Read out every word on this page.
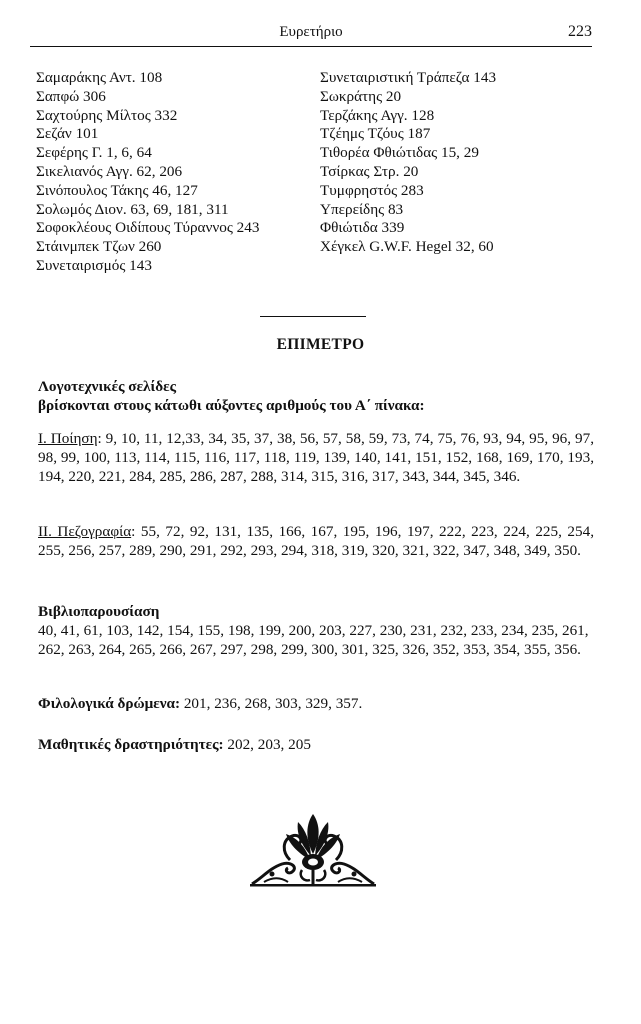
Ευρετήριο	223
Σαμαράκης Αντ. 108
Σαπφώ 306
Σαχτούρης Μίλτος 332
Σεζάν 101
Σεφέρης Γ. 1, 6, 64
Σικελιανός Αγγ. 62, 206
Σινόπουλος Τάκης 46, 127
Σολωμός Διον. 63, 69, 181, 311
Σοφοκλέους Οιδίπους Τύραννος 243
Στάινμπεκ Τζων 260
Συνεταιρισμός 143
Συνεταιριστική Τράπεζα 143
Σωκράτης 20
Τερζάκης Αγγ. 128
Τζέημς Τζόυς 187
Τιθορέα Φθιώτιδας 15, 29
Τσίρκας Στρ. 20
Τυμφρηστός 283
Υπερείδης 83
Φθιώτιδα 339
Χέγκελ G.W.F. Hegel 32, 60
ΕΠΙΜΕΤΡΟ
Λογοτεχνικές σελίδες
βρίσκονται στους κάτωθι αύξοντες αριθμούς του Α΄ πίνακα:
Ι. Ποίηση: 9, 10, 11, 12,33, 34, 35, 37, 38, 56, 57, 58, 59, 73, 74, 75, 76, 93, 94, 95, 96, 97, 98, 99, 100, 113, 114, 115, 116, 117, 118, 119, 139, 140, 141, 151, 152, 168, 169, 170, 193, 194, 220, 221, 284, 285, 286, 287, 288, 314, 315, 316, 317, 343, 344, 345, 346.
ΙΙ. Πεζογραφία: 55, 72, 92, 131, 135, 166, 167, 195, 196, 197, 222, 223, 224, 225, 254, 255, 256, 257, 289, 290, 291, 292, 293, 294, 318, 319, 320, 321, 322, 347, 348, 349, 350.
Βιβλιοπαρουσίαση
40, 41, 61, 103, 142, 154, 155, 198, 199, 200, 203, 227, 230, 231, 232, 233, 234, 235, 261, 262, 263, 264, 265, 266, 267, 297, 298, 299, 300, 301, 325, 326, 352, 353, 354, 355, 356.
Φιλολογικά δρώμενα: 201, 236, 268, 303, 329, 357.
Μαθητικές δραστηριότητες: 202, 203, 205
